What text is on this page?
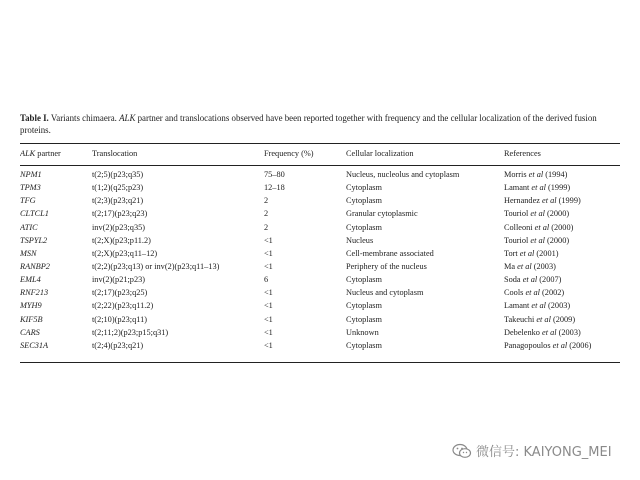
Table I. Variants chimaera. ALK partner and translocations observed have been reported together with frequency and the cellular localization of the derived fusion proteins.
ALK partner	Translocation	Frequency (%)	Cellular localization	References
NPM1	t(2;5)(p23;q35)	75–80	Nucleus, nucleolus and cytoplasm	Morris et al (1994)
TPM3	t(1;2)(q25;p23)	12–18	Cytoplasm	Lamant et al (1999)
TFG	t(2;3)(p23;q21)	2	Cytoplasm	Hernandez et al (1999)
CLTCL1	t(2;17)(p23;q23)	2	Granular cytoplasmic	Touriol et al (2000)
ATIC	inv(2)(p23;q35)	2	Cytoplasm	Colleoni et al (2000)
TSPYL2	t(2;X)(p23;p11.2)	<1	Nucleus	Touriol et al (2000)
MSN	t(2;X)(p23;q11–12)	<1	Cell-membrane associated	Tort et al (2001)
RANBP2	t(2;2)(p23;q13) or inv(2)(p23;q11–13)	<1	Periphery of the nucleus	Ma et al (2003)
EML4	inv(2)(p21;p23)	6	Cytoplasm	Soda et al (2007)
RNF213	t(2;17)(p23;q25)	<1	Nucleus and cytoplasm	Cools et al (2002)
MYH9	t(2;22)(p23;q11.2)	<1	Cytoplasm	Lamant et al (2003)
KIF5B	t(2;10)(p23;q11)	<1	Cytoplasm	Takeuchi et al (2009)
CARS	t(2;11;2)(p23;p15;q31)	<1	Unknown	Debelenko et al (2003)
SEC31A	t(2;4)(p23;q21)	<1	Cytoplasm	Panagopoulos et al (2006)
微信号: KAIYONG_MEI
